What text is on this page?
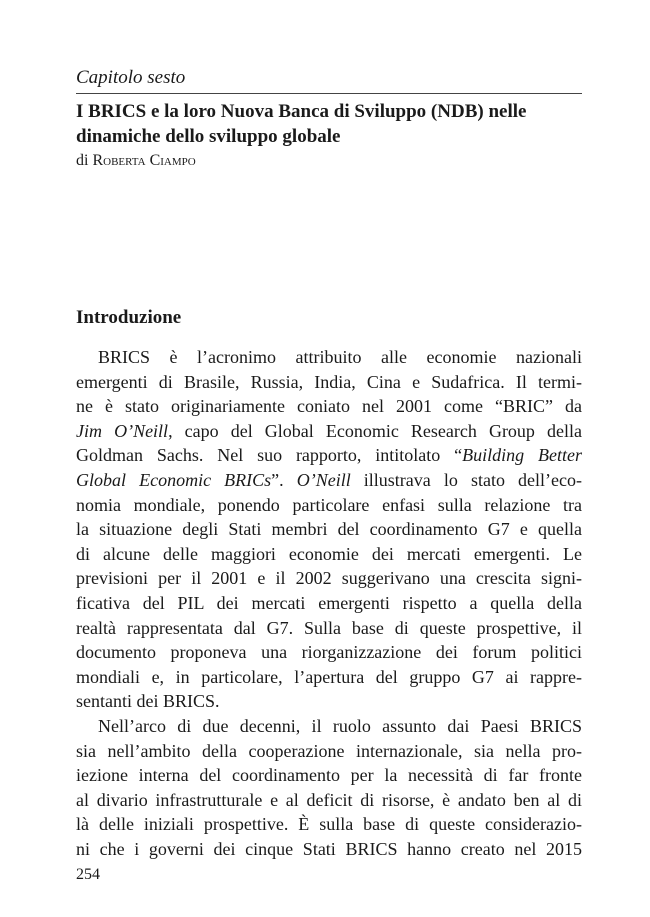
Capitolo sesto
I BRICS e la loro Nuova Banca di Sviluppo (NDB) nelle
dinamiche dello sviluppo globale
di Roberta Ciampo
Introduzione
BRICS è l’acronimo attribuito alle economie nazionali
emergenti di Brasile, Russia, India, Cina e Sudafrica. Il termi-
ne è stato originariamente coniato nel 2001 come “BRIC” da
Jim O’Neill, capo del Global Economic Research Group della
Goldman Sachs. Nel suo rapporto, intitolato “Building Better
Global Economic BRICs”. O’Neill illustrava lo stato dell’eco-
nomia mondiale, ponendo particolare enfasi sulla relazione tra
la situazione degli Stati membri del coordinamento G7 e quella
di alcune delle maggiori economie dei mercati emergenti. Le
previsioni per il 2001 e il 2002 suggerivano una crescita signi-
ficativa del PIL dei mercati emergenti rispetto a quella della
realtà rappresentata dal G7. Sulla base di queste prospettive, il
documento proponeva una riorganizzazione dei forum politici
mondiali e, in particolare, l’apertura del gruppo G7 ai rappre-
sentanti dei BRICS.
Nell’arco di due decenni, il ruolo assunto dai Paesi BRICS
sia nell’ambito della cooperazione internazionale, sia nella pro-
iezione interna del coordinamento per la necessità di far fronte
al divario infrastrutturale e al deficit di risorse, è andato ben al di
là delle iniziali prospettive. È sulla base di queste considerazio-
ni che i governi dei cinque Stati BRICS hanno creato nel 2015
254
